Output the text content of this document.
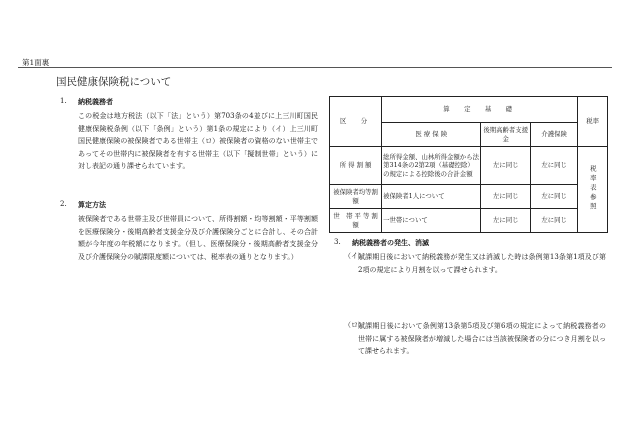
第1面裏
国民健康保険税について
1. 納税義務者
この税金は地方税法（以下「法」という）第703条の4並びに上三川町国民健康保険税条例（以下「条例」という）第1条の規定により（イ）上三川町国民健康保険の被保険者である世帯主（ロ）被保険者の資格のない世帯主であってその世帯内に被保険者を有する世帯主（以下「擬制世帯」という）に対し表記の通り課せられています。
2. 算定方法
被保険者である世帯主及び世帯員について、所得割額・均等割額・平等割額を医療保険分・後期高齢者支援金分及び介護保険分ごとに合計し、その合計額が今年度の年税額になります。（但し、医療保険分・後期高齢者支援金分及び介護保険分の賦課限度額については、税率表の通りとなります。）
区　分	算　定　基　礎			税率
	医 療 保 険	後期高齢者支援金	介護保険	
所 得 割 額	総所得金額、山林所得金額から法第314条の2第2項（基礎控除）の規定による控除後の合計金額	左に同じ	左に同じ	税率表参照
被保険者均等割額	被保険者1人について	左に同じ	左に同じ	
世　帯 平 等 割 額	一世帯について	左に同じ	左に同じ	
3. 納税義務者の発生、消滅
（イ）
賦課期日後において納税義務が発生又は消滅した時は条例第13条第1項及び第2項の規定により月割を以って課せられます。
（ロ）
賦課期日後において条例第13条第5項及び第6項の規定によって納税義務者の世帯に属する被保険者が増減した場合には当該被保険者の分につき月割を以って課せられます。
